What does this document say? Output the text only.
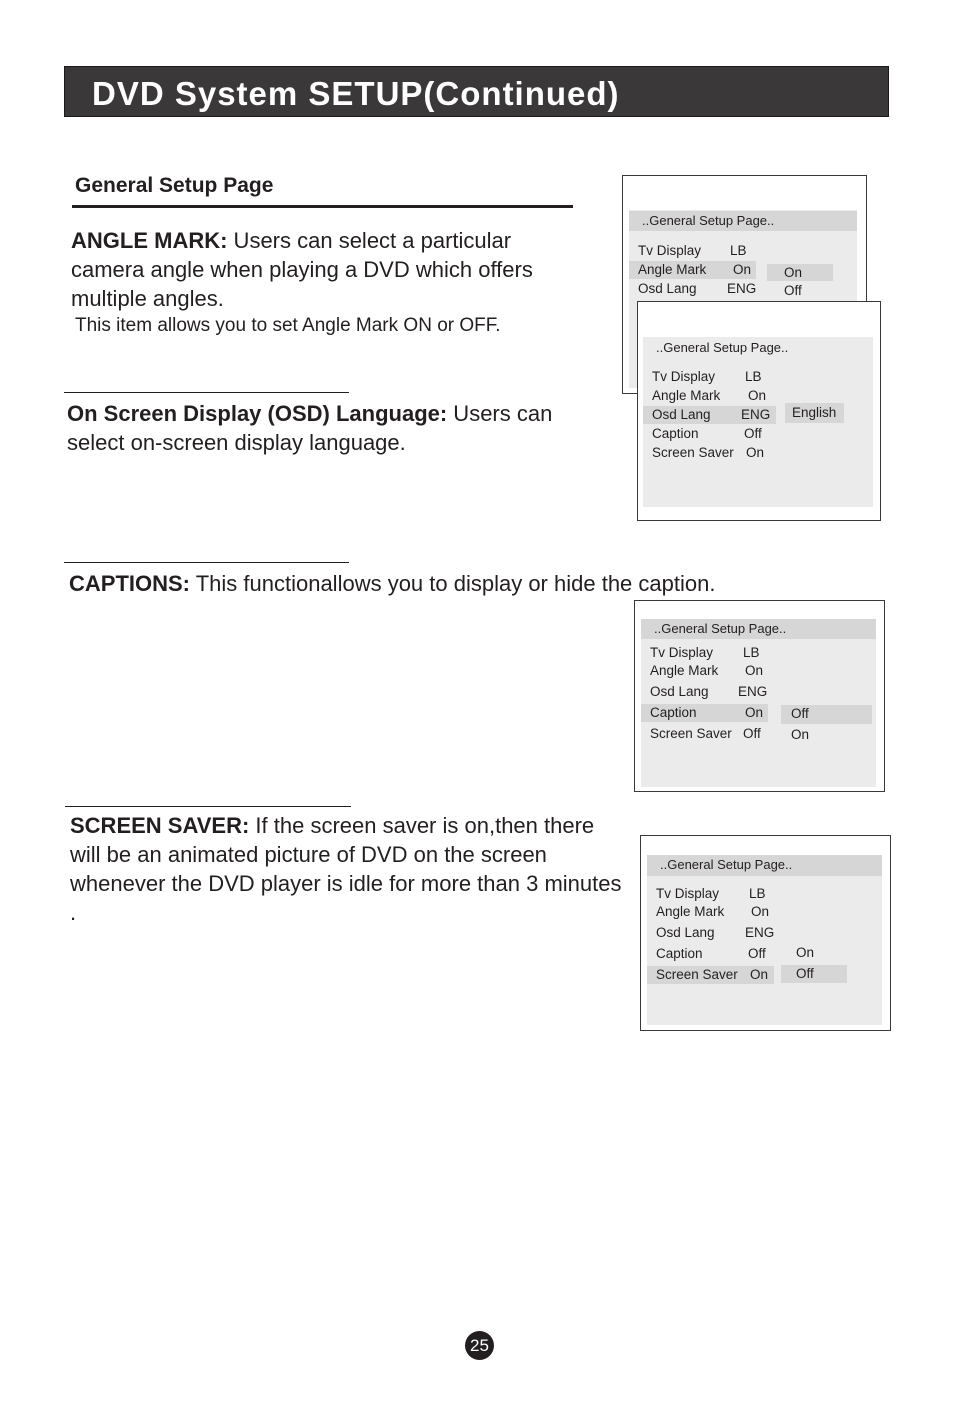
DVD System SETUP(Continued)
General Setup Page
ANGLE MARK: Users can select a particular camera angle when playing a DVD which offers multiple angles.
This item allows you to set Angle Mark ON or OFF.
On Screen Display (OSD) Language: Users can select on-screen display language.
CAPTIONS: This functionallows you to display or hide the caption.
SCREEN SAVER: If the screen saver is on,then there will be an animated picture of DVD on the screen whenever the DVD player is idle for more than 3 minutes .
..General Setup Page..
Tv Display LB
Angle Mark On
Osd Lang ENG
On
Off
..General Setup Page..
Tv Display LB
Angle Mark On
Osd Lang ENG
Caption	Off
Screen Saver On
English
..General Setup Page..
Tv Display LB
Angle Mark On
Osd Lang ENG
Caption	On
Screen Saver Off
Off
On
..General Setup Page..
Tv Display LB
Angle Mark On
Osd Lang ENG
Caption	Off
Screen Saver On
On
Off
25
